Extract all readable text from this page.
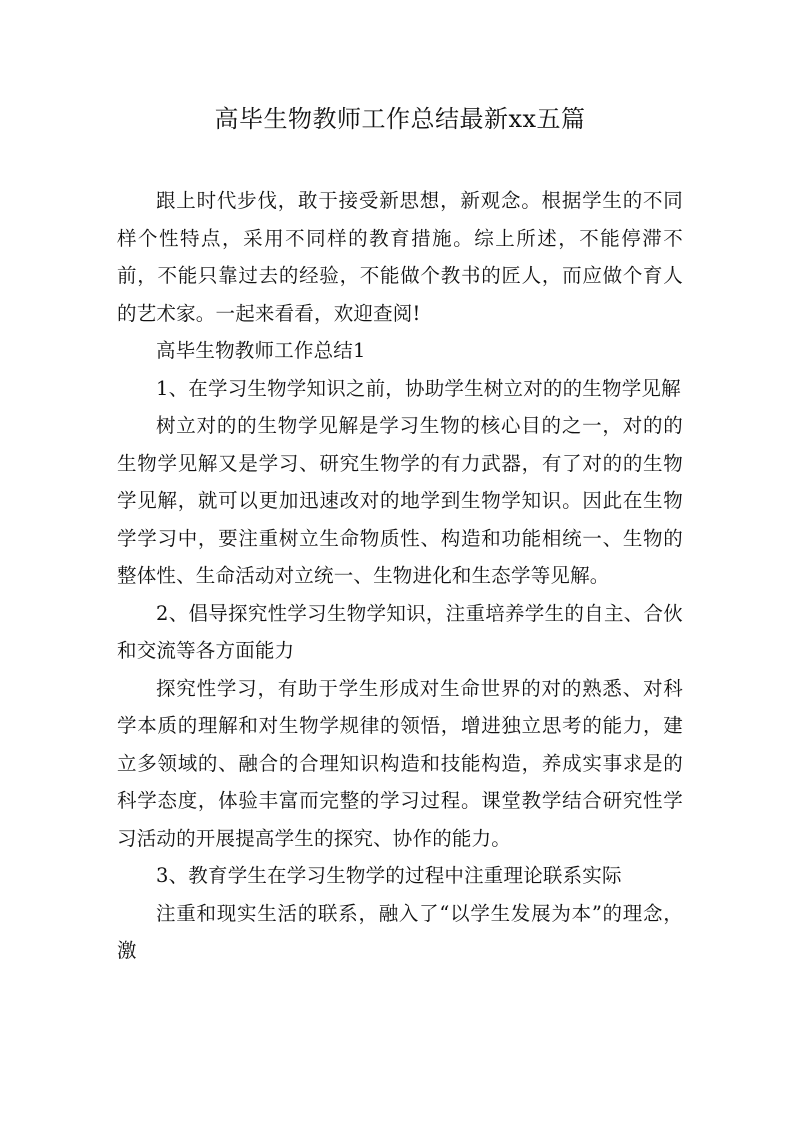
高毕生物教师工作总结最新xx五篇

跟上时代步伐，敢于接受新思想，新观念。根据学生的不同样个性特点，采用不同样的教育措施。综上所述，不能停滞不前，不能只靠过去的经验，不能做个教书的匠人，而应做个育人的艺术家。一起来看看，欢迎查阅!

高毕生物教师工作总结1

1、在学习生物学知识之前，协助学生树立对的的生物学见解

树立对的的生物学见解是学习生物的核心目的之一，对的的生物学见解又是学习、研究生物学的有力武器，有了对的的生物学见解，就可以更加迅速改对的地学到生物学知识。因此在生物学学习中，要注重树立生命物质性、构造和功能相统一、生物的整体性、生命活动对立统一、生物进化和生态学等见解。

2、倡导探究性学习生物学知识，注重培养学生的自主、合伙和交流等各方面能力

探究性学习，有助于学生形成对生命世界的对的熟悉、对科学本质的理解和对生物学规律的领悟，增进独立思考的能力，建立多领域的、融合的合理知识构造和技能构造，养成实事求是的科学态度，体验丰富而完整的学习过程。课堂教学结合研究性学习活动的开展提高学生的探究、协作的能力。

3、教育学生在学习生物学的过程中注重理论联系实际

注重和现实生活的联系，融入了“以学生发展为本”的理念，激
